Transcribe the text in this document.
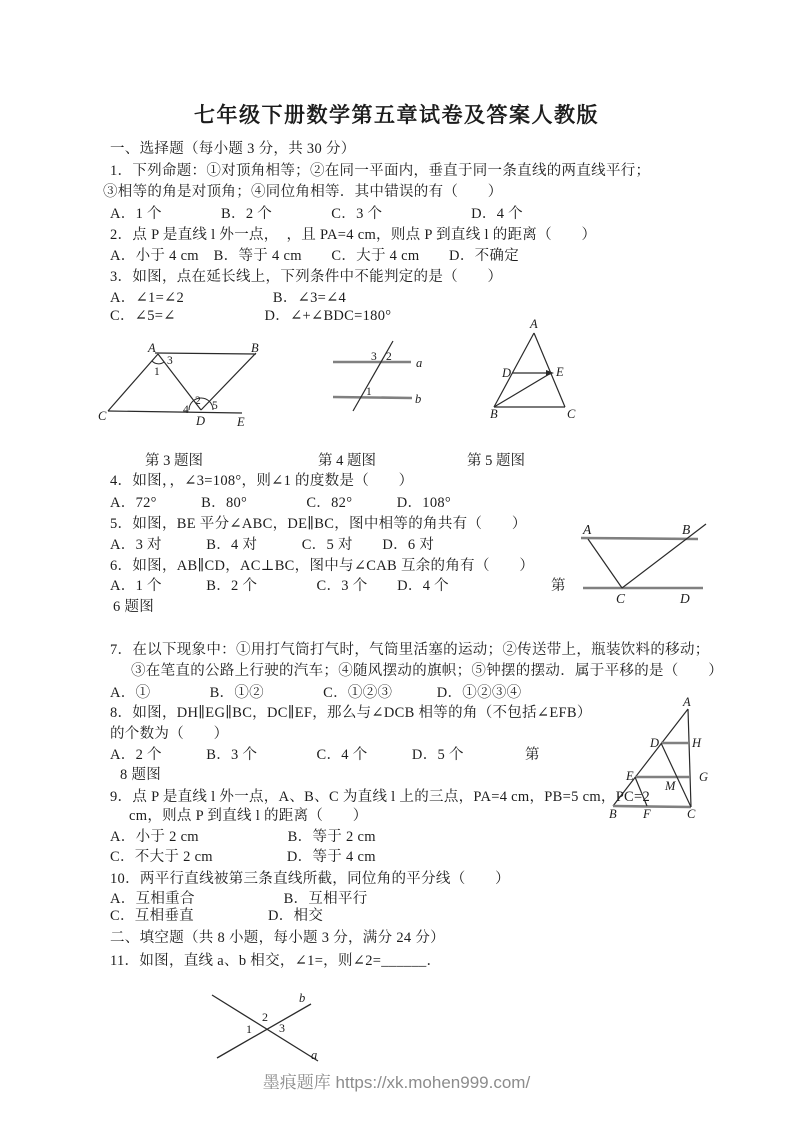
七年级下册数学第五章试卷及答案人教版
一、选择题（每小题 3 分，共 30 分）
1．下列命题：①对顶角相等；②在同一平面内，垂直于同一条直线的两直线平行；
③相等的角是对顶角；④同位角相等．其中错误的有（　　）
A．1 个　　　　B．2 个　　　　C．3 个　　　　　　D．4 个
2．点 P 是直线 l 外一点，  ，且 PA=4 cm，则点 P 到直线 l 的距离（　　）
A．小于 4 cm　B．等于 4 cm　　C．大于 4 cm　　D．不确定
3．如图，点在延长线上，下列条件中不能判定的是（　　）
A．∠1=∠2　　　　　　B．∠3=∠4
C．∠5=∠　　　　　　D．∠+∠BDC=180°
A	B
C	D	E
1
3
2
4 5
a
b
3 2
1
A
D	E
B	C
第 3 题图	第 4 题图	第 5 题图
4．如图，，∠3=108°，则∠1 的度数是（　　）
A．72°　　　B．80°　　　　C．82°　　　D．108°
5．如图，BE 平分∠ABC，DE∥BC，图中相等的角共有（　　）
A．3 对　　　B．4 对　　　C．5 对　　D．6 对
6．如图，AB∥CD，AC⊥BC，图中与∠CAB 互余的角有（　　）
A．1 个　　　B．2 个　　　　C．3 个　　D．4 个	第
6 题图
A	B
C	D
7．在以下现象中：①用打气筒打气时，气筒里活塞的运动；②传送带上，瓶装饮料的移动；
③在笔直的公路上行驶的汽车；④随风摆动的旗帜；⑤钟摆的摆动．属于平移的是（　　）
A．①　　　　B．①②　　　　C．①②③　　　D．①②③④
8．如图，DH∥EG∥BC，DC∥EF，那么与∠DCB 相等的角（不包括∠EFB）
的个数为（　　）
A．2 个　　　B．3 个　　　　C．4 个　　　D．5 个	第
8 题图
A
D	H
E	G
M
B F	C
9．点 P 是直线 l 外一点，A、B、C 为直线 l 上的三点，PA=4 cm，PB=5 cm，PC=2
cm，则点 P 到直线 l 的距离（　　）
A．小于 2 cm　　　　　　B．等于 2 cm
C．不大于 2 cm　　　　　D．等于 4 cm
10．两平行直线被第三条直线所截，同位角的平分线（　　）
A．互相重合　　　　　　B．互相平行
C．互相垂直　　　　　D．相交
二、填空题（共 8 小题，每小题 3 分，满分 24 分）
11．如图，直线 a、b 相交，∠1=，则∠2=______．
a
b
1
2
3
墨痕题库 https://xk.mohen999.com/
